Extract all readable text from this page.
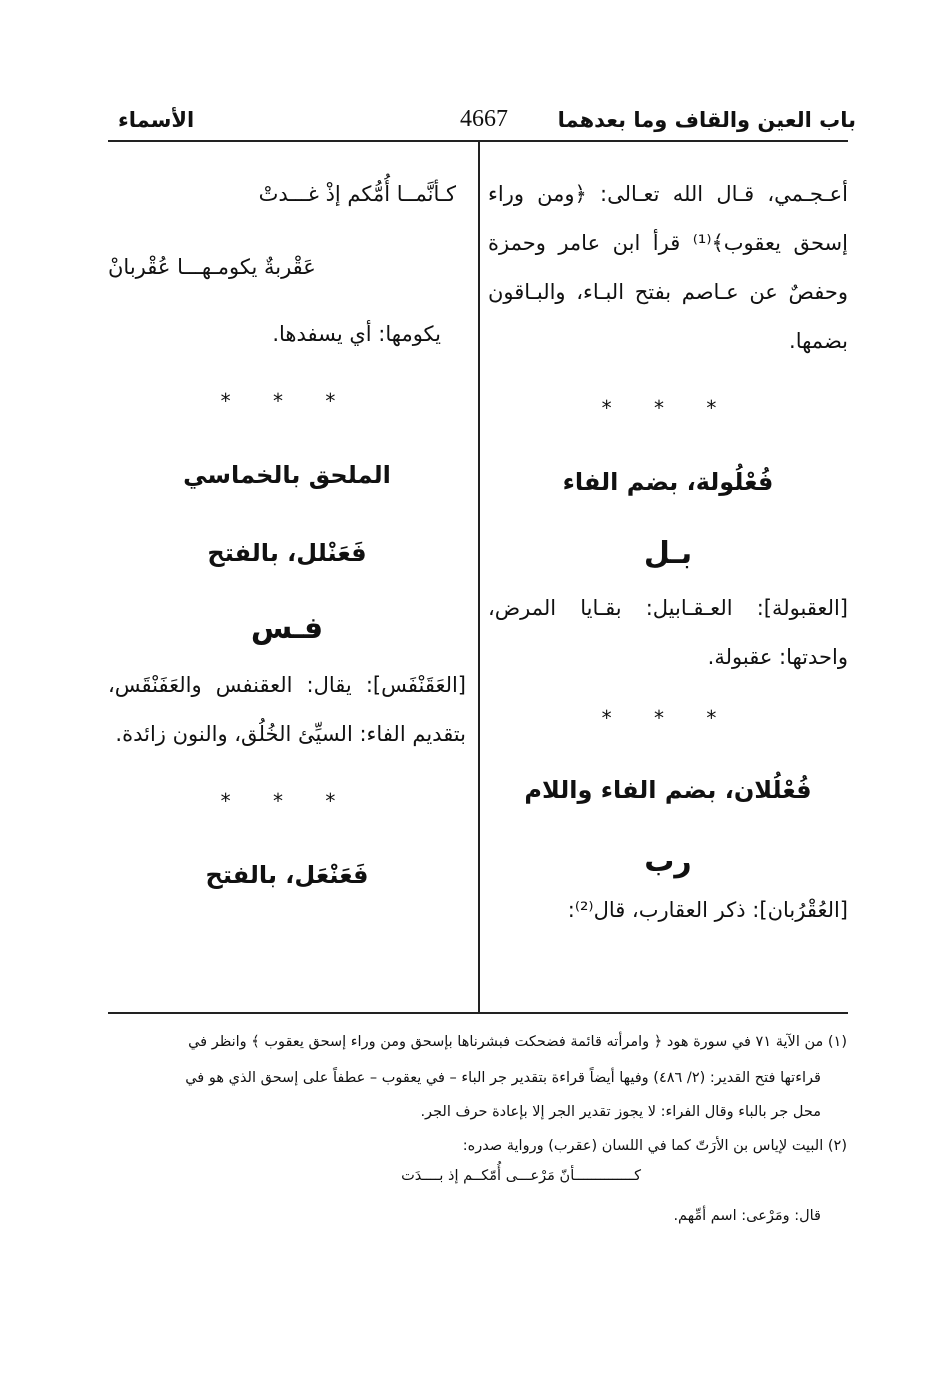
باب العين والقاف وما بعدهما
4667
الأسماء
أعـجـمي، قـال الله تعـالى: ﴿ومن وراء
إسحق يعقوب﴾⁽¹⁾ قرأ ابن عامر وحمزة
وحفصٌ عن عـاصم بفتح البـاء، والبـاقون
بضمها.
* * *
فُعْلُولة، بضم الفاء
بـل
[العقبولة]: العـقـابيل: بقـايا المرض،
واحدتها: عقبولة.
* * *
فُعْلُلان، بضم الفاء واللام
رب
[العُقْرُبان]: ذكر العقارب، قال⁽²⁾:
كـأنَّمــا أُمُّكم إذْ غـــدتْ
عَقْربةٌ يكومـهـــا عُقْربانْ
يكومها: أي يسفدها.
* * *
الملحق بالخماسي
فَعَنْلل، بالفتح
فـس
[العَقَنْفَس]: يقال: العقنفس والعَفَنْقَس،
بتقديم الفاء: السيِّئ الخُلُق، والنون زائدة.
* * *
فَعَنْعَل، بالفتح
(١) من الآية ٧١ في سورة هود ﴿ وامرأته قائمة فضحكت فبشرناها بإسحق ومن وراء إسحق يعقوب ﴾ وانظر في
قراءتها فتح القدير: (٢/ ٤٨٦) وفيها أيضاً قراءة بتقدير جر الباء – في يعقوب – عطفاً على إسحق الذي هو في
محل جر بالباء وقال الفراء: لا يجوز تقدير الجر إلا بإعادة حرف الجر.
(٢) البيت لإياس بن الأرَتّ كما في اللسان (عقرب) ورواية صدره:
كــــــــــــــأنّ مَرْعـــى أُمّكــم إذ بــــدَت
قال: ومَرْعى: اسم أمِّهم.
